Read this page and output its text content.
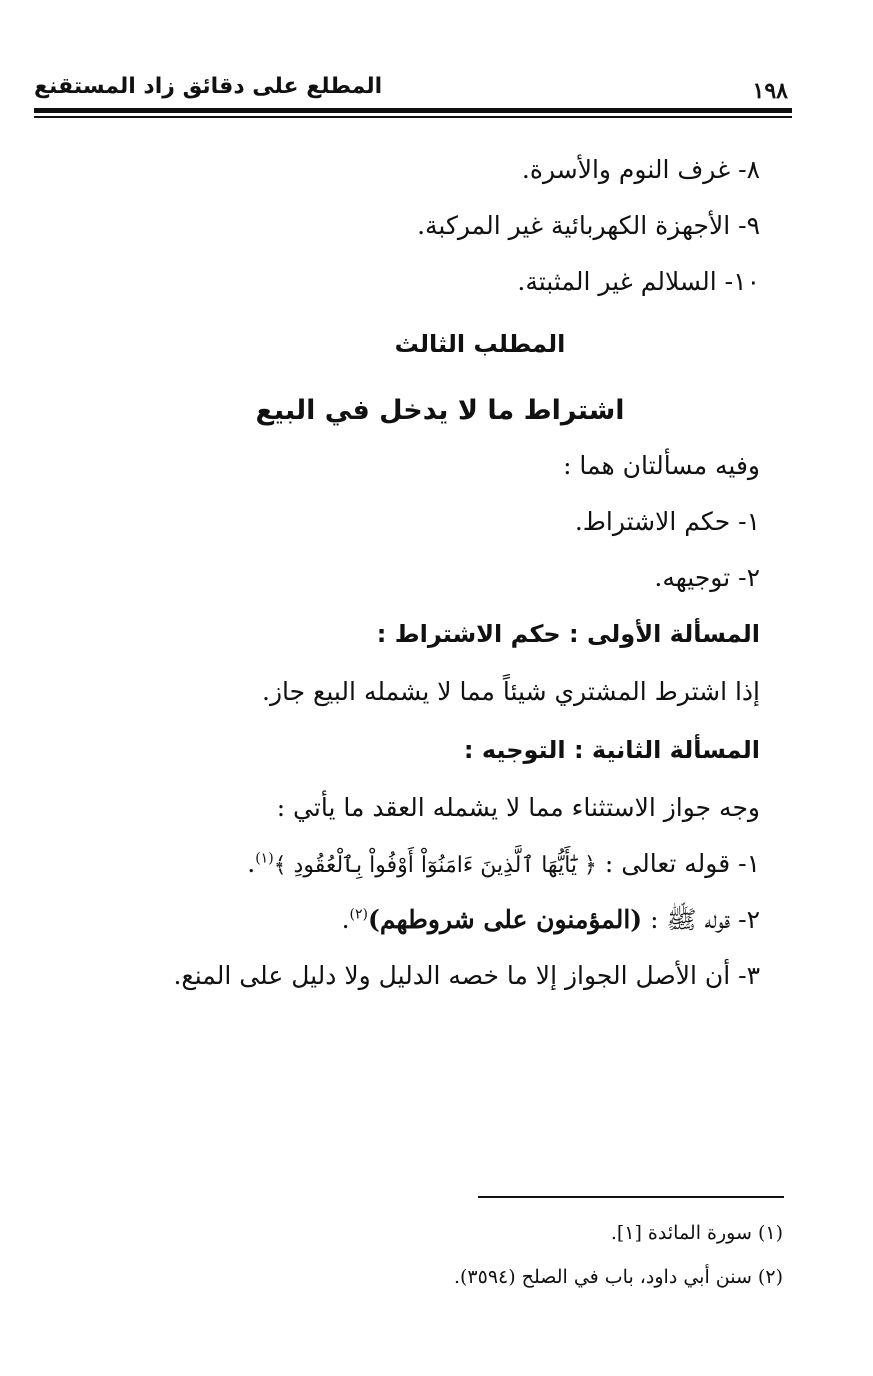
١٩٨
المطلع على دقائق زاد المستقنع
٨- غرف النوم والأسرة.
٩- الأجهزة الكهربائية غير المركبة.
١٠- السلالم غير المثبتة.
المطلب الثالث
اشتراط ما لا يدخل في البيع
وفيه مسألتان هما :
١- حكم الاشتراط.
٢- توجيهه.
المسألة الأولى : حكم الاشتراط :
إذا اشترط المشتري شيئاً مما لا يشمله البيع جاز.
المسألة الثانية : التوجيه :
وجه جواز الاستثناء مما لا يشمله العقد ما يأتي :
١- قوله تعالى : ﴿ يَٰٓأَيُّهَا ٱلَّذِينَ ءَامَنُوٓاْ أَوْفُواْ بِٱلْعُقُودِ ﴾$^{(١)}$.
٢- قوله ﷺ : (المؤمنون على شروطهم)$^{(٢)}$.
٣- أن الأصل الجواز إلا ما خصه الدليل ولا دليل على المنع.
(١) سورة المائدة [١].
(٢) سنن أبي داود، باب في الصلح (٣٥٩٤).
